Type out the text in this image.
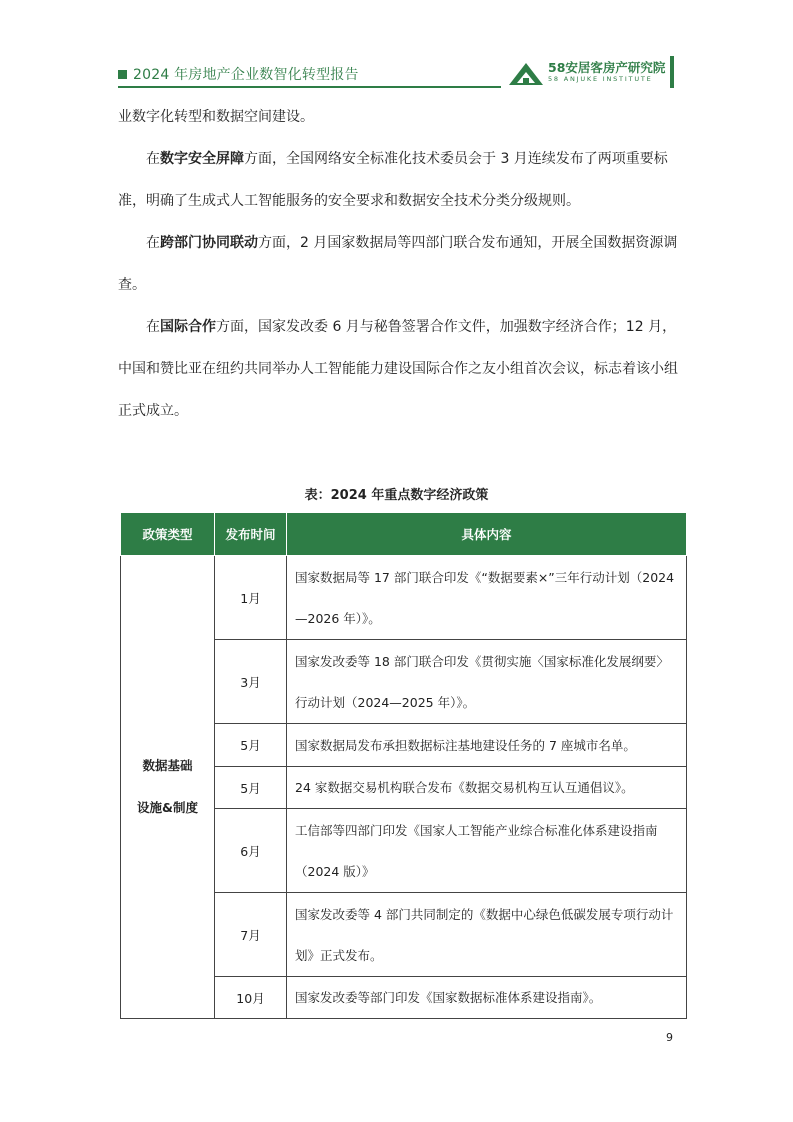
2024 年房地产企业数智化转型报告	58安居客房产研究院
58 ANJUKE INSTITUTE

业数字化转型和数据空间建设。

在数字安全屏障方面，全国网络安全标准化技术委员会于 3 月连续发布了两项重要标准，明确了生成式人工智能服务的安全要求和数据安全技术分类分级规则。

在跨部门协同联动方面，2 月国家数据局等四部门联合发布通知，开展全国数据资源调查。

在国际合作方面，国家发改委 6 月与秘鲁签署合作文件，加强数字经济合作；12 月，中国和赞比亚在纽约共同举办人工智能能力建设国际合作之友小组首次会议，标志着该小组正式成立。

表：2024 年重点数字经济政策
政策类型	发布时间	具体内容

数据基础
设施&制度	1月	国家数据局等 17 部门联合印发《“数据要素×”三年行动计划（2024—2026 年）》。
	3月	国家发改委等 18 部门联合印发《贯彻实施〈国家标准化发展纲要〉行动计划（2024—2025 年）》。
	5月	国家数据局发布承担数据标注基地建设任务的 7 座城市名单。
	5月	24 家数据交易机构联合发布《数据交易机构互认互通倡议》。
	6月	工信部等四部门印发《国家人工智能产业综合标准化体系建设指南（2024 版）》
	7月	国家发改委等 4 部门共同制定的《数据中心绿色低碳发展专项行动计划》正式发布。
	10月	国家发改委等部门印发《国家数据标准体系建设指南》。
9
